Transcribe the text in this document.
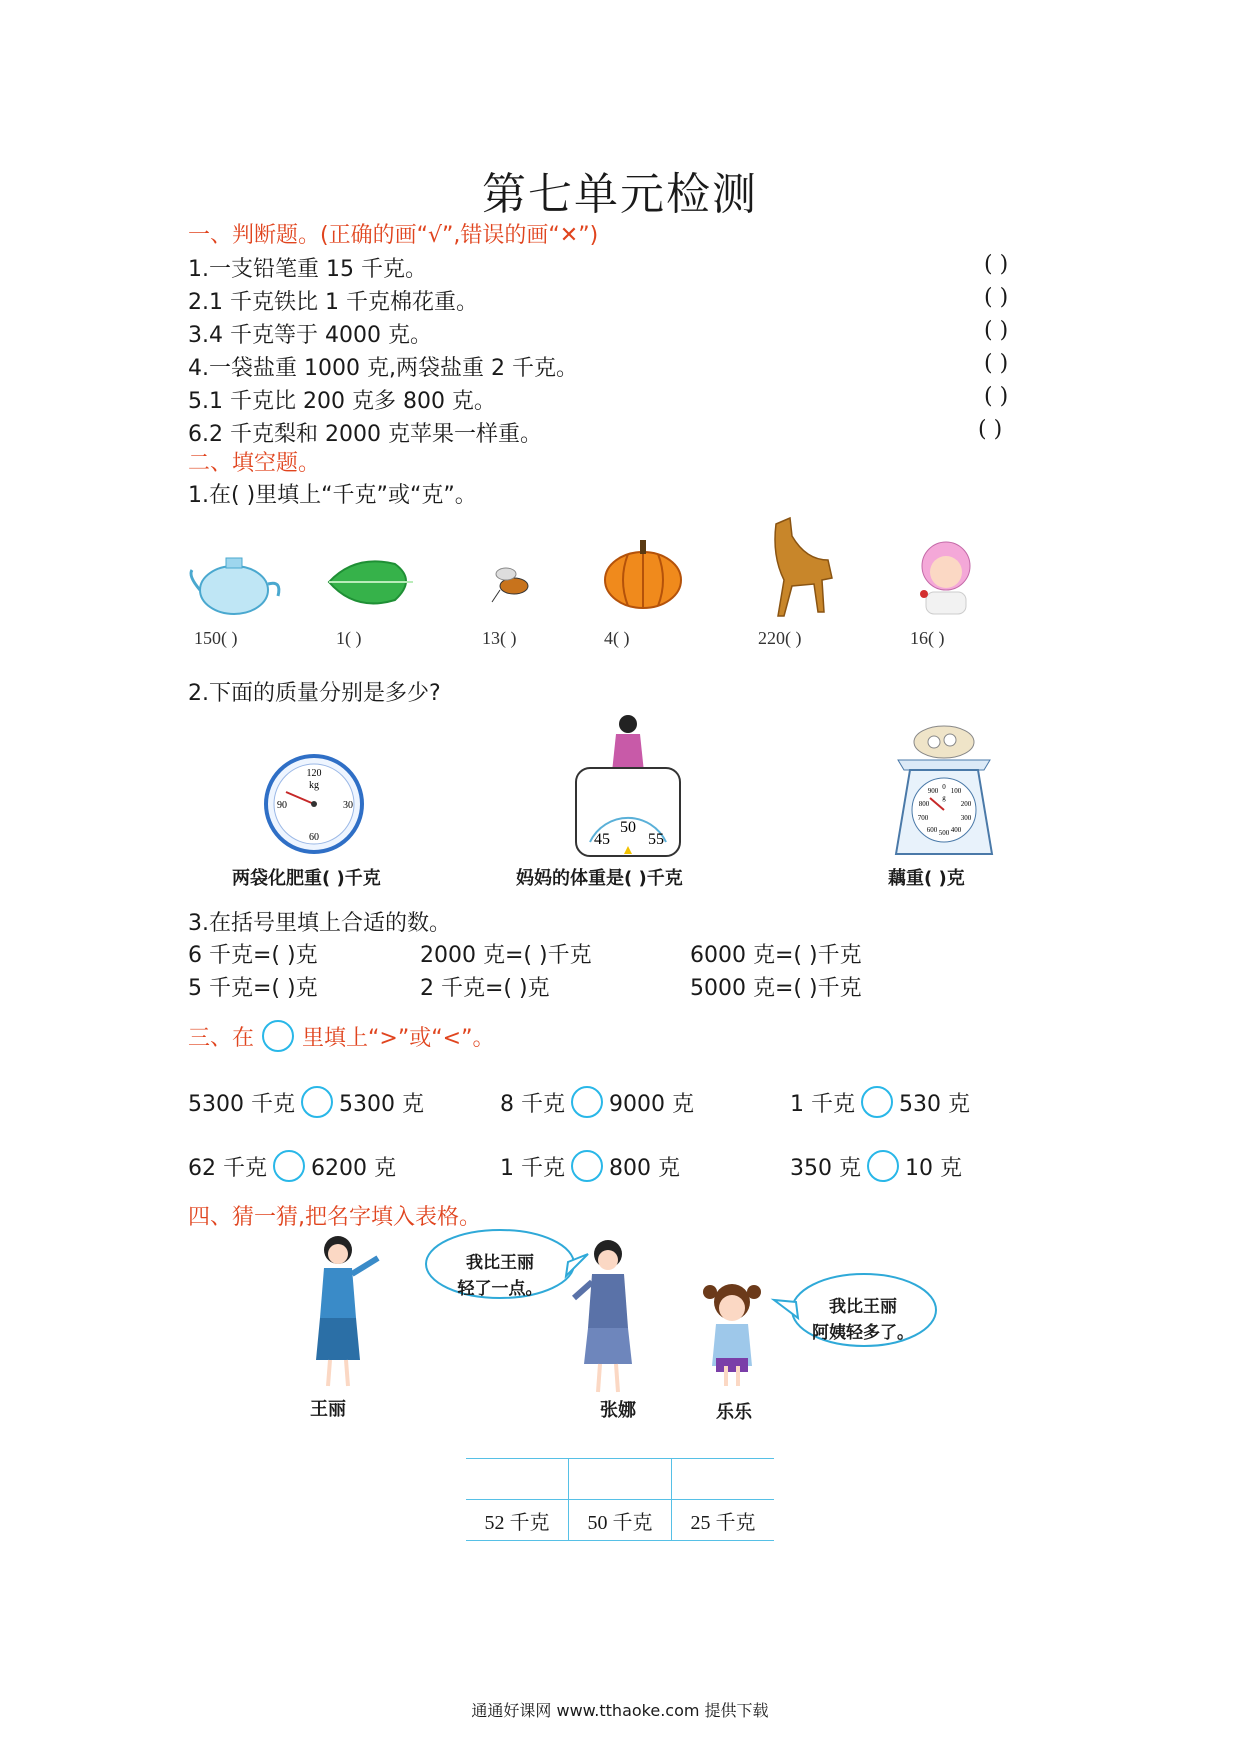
第七单元检测
一、判断题。(正确的画“√”,错误的画“✕”)
1.一支铅笔重 15 千克。	( )
2.1 千克铁比 1 千克棉花重。	( )
3.4 千克等于 4000 克。	( )
4.一袋盐重 1000 克,两袋盐重 2 千克。	( )
5.1 千克比 200 克多 800 克。	( )
6.2 千克梨和 2000 克苹果一样重。	( )
二、填空题。
1.在( )里填上“千克”或“克”。
150( )	1( )	13( )	4( )	220( )	16( )
2.下面的质量分别是多少?
120
kg
90	30
60
两袋化肥重( )千克
45
50
55
妈妈的体重是( )千克
900 0 100
800	200
700	300
600 500 400
g
藕重( )克
3.在括号里填上合适的数。
6 千克=( )克	2000 克=( )千克	6000 克=( )千克
5 千克=( )克	2 千克=( )克	5000 克=( )千克
三、在 里填上“>”或“<”。
5300 千克 5300 克	8 千克 9000 克	1 千克 530 克
62 千克 6200 克	1 千克 800 克	350 克 10 克
四、猜一猜,把名字填入表格。
王丽
我比王丽
轻了一点。
张娜	乐乐
我比王丽
阿姨轻多了。

52 千克	50 千克	25 千克
通通好课网 www.tthaoke.com 提供下载
